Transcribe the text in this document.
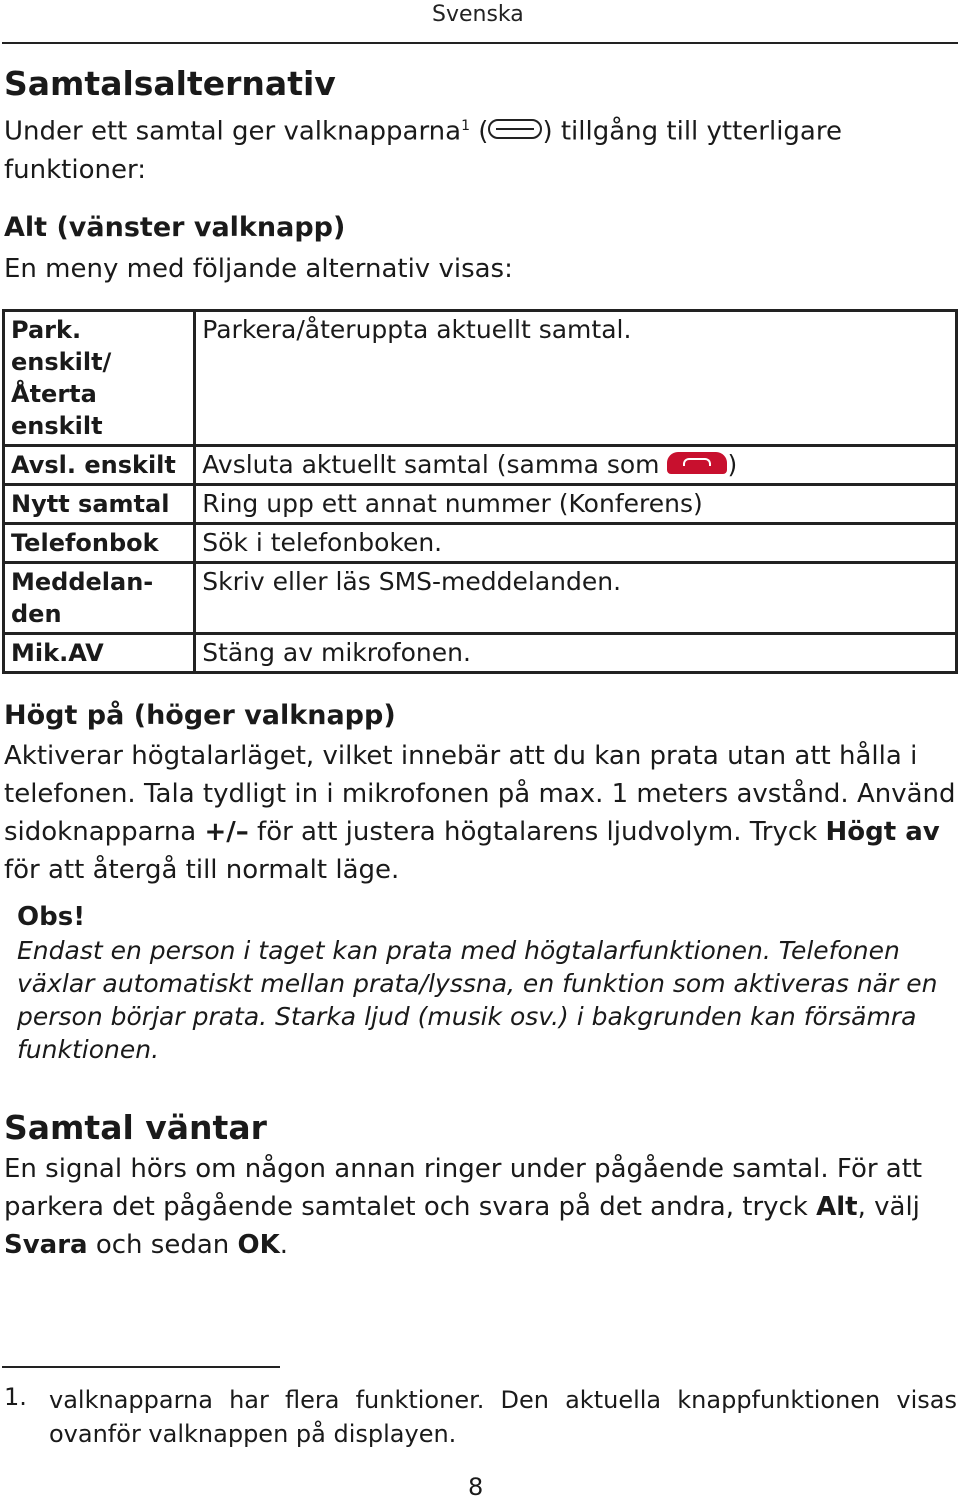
Svenska
Samtalsalternativ

Under ett samtal ger valknapparna$^1$ ( ) tillgång till ytterligare funktioner:

Alt (vänster valknapp)

En meny med följande alternativ visas:

Park. enskilt/Återta enskilt	Parkera/återuppta aktuellt samtal.
Avsl. enskilt	Avsluta aktuellt samtal (samma som )
Nytt samtal	Ring upp ett annat nummer (Konferens)
Telefonbok	Sök i telefonboken.
Meddelan-den	Skriv eller läs SMS-meddelanden.
Mik.AV	Stäng av mikrofonen.
Högt på (höger valknapp)

Aktiverar högtalarläget, vilket innebär att du kan prata utan att hålla i telefonen. Tala tydligt in i mikrofonen på max. 1 meters avstånd. Använd sidoknapparna +/– för att justera högtalarens ljudvolym. Tryck Högt av för att återgå till normalt läge.

Obs!

Endast en person i taget kan prata med högtalarfunktionen. Telefonen växlar automatiskt mellan prata/lyssna, en funktion som aktiveras när en person börjar prata. Starka ljud (musik osv.) i bakgrunden kan försämra funktionen.

Samtal väntar

En signal hörs om någon annan ringer under pågående samtal. För att parkera det pågående samtalet och svara på det andra, tryck Alt, välj Svara och sedan OK.

1. valknapparna har flera funktioner. Den aktuella knappfunktionen visas ovanför valknappen på displayen.

8
